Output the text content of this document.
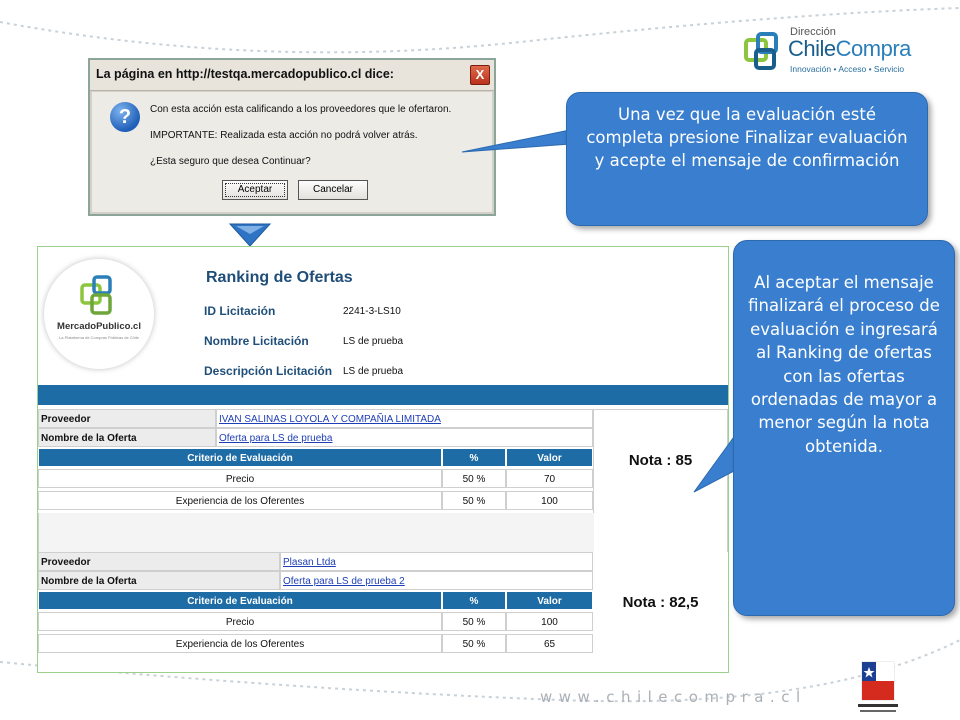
Dirección
ChileCompra
Innovación • Acceso • Servicio
La página en http://testqa.mercadopublico.cl dice:	X
?	Con esta acción esta calificando a los proveedores que le ofertaron.
IMPORTANTE: Realizada esta acción no podrá volver atrás.
¿Esta seguro que desea Continuar?
Aceptar	Cancelar
Una vez que la evaluación esté completa presione Finalizar evaluación y acepte el mensaje de confirmación
MercadoPublico.cl
La Plataforma de Compras Públicas de Chile
Ranking de Ofertas
ID Licitación	2241-3-LS10
Nombre Licitación	LS de prueba
Descripción Licitación LS de prueba
Proveedor	IVAN SALINAS LOYOLA Y COMPAÑIA LIMITADA
Nombre de la Oferta	Oferta para LS de prueba
Criterio de Evaluación	%	Valor
Precio	50 %	70
Experiencia de los Oferentes	50 %	100
Nota : 85
Proveedor	Plasan Ltda
Nombre de la Oferta	Oferta para LS de prueba 2
Criterio de Evaluación	%	Valor
Precio	50 %	100
Experiencia de los Oferentes	50 %	65
Nota : 82,5
Al aceptar el mensaje finalizará el proceso de evaluación e ingresará al Ranking de ofertas con las ofertas ordenadas de mayor a menor según la nota obtenida.
www.chilecompra.cl
